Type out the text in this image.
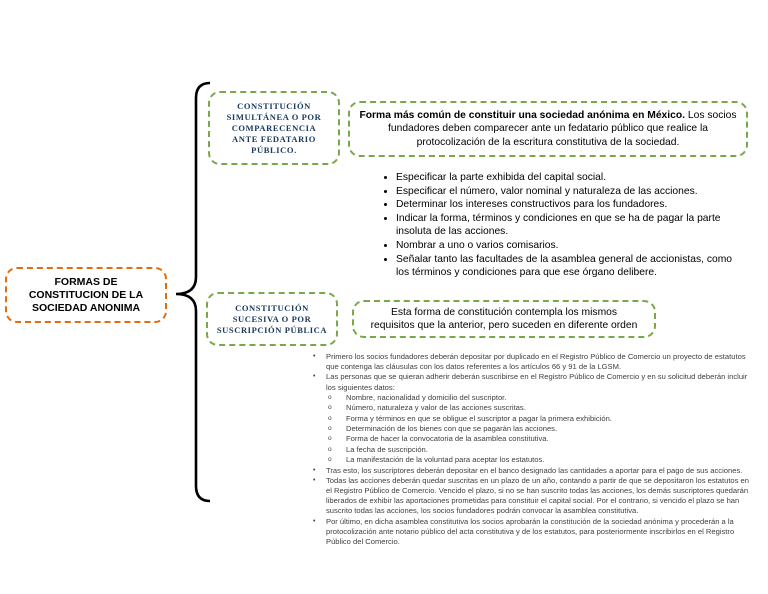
FORMAS DE CONSTITUCION DE LA SOCIEDAD ANONIMA
CONSTITUCIÓN SIMULTÁNEA O POR COMPARECENCIA ANTE FEDATARIO PÚBLICO.
Forma más común de constituir una sociedad anónima en México. Los socios fundadores deben comparecer ante un fedatario público que realice la protocolización de la escritura constitutiva de la sociedad.
• Especificar la parte exhibida del capital social.
• Especificar el número, valor nominal y naturaleza de las acciones.
• Determinar los intereses constructivos para los fundadores.
• Indicar la forma, términos y condiciones en que se ha de pagar la parte insoluta de las acciones.
• Nombrar a uno o varios comisarios.
• Señalar tanto las facultades de la asamblea general de accionistas, como los términos y condiciones para que ese órgano delibere.
CONSTITUCIÓN SUCESIVA O POR SUSCRIPCIÓN PÚBLICA
Esta forma de constitución contempla los mismos requisitos que la anterior, pero suceden en diferente orden
• Primero los socios fundadores deberán depositar por duplicado en el Registro Público de Comercio un proyecto de estatutos que contenga las cláusulas con los datos referentes a los artículos 66 y 91 de la LGSM.
• Las personas que se quieran adherir deberán suscribirse en el Registro Público de Comercio y en su solicitud deberán incluir los siguientes datos:
o Nombre, nacionalidad y domicilio del suscriptor.
o Número, naturaleza y valor de las acciones suscritas.
o Forma y términos en que se obligue el suscriptor a pagar la primera exhibición.
o Determinación de los bienes con que se pagarán las acciones.
o Forma de hacer la convocatoria de la asamblea constitutiva.
o La fecha de suscripción.
o La manifestación de la voluntad para aceptar los estatutos.
• Tras esto, los suscriptores deberán depositar en el banco designado las cantidades a aportar para el pago de sus acciones.
• Todas las acciones deberán quedar suscritas en un plazo de un año, contando a partir de que se depositaron los estatutos en el Registro Público de Comercio. Vencido el plazo, si no se han suscrito todas las acciones, los demás suscriptores quedarán liberados de exhibir las aportaciones prometidas para constituir el capital social. Por el contrario, si vencido el plazo se han suscrito todas las acciones, los socios fundadores podrán convocar la asamblea constitutiva.
• Por último, en dicha asamblea constitutiva los socios aprobarán la constitución de la sociedad anónima y procederán a la protocolización ante notario público del acta constitutiva y de los estatutos, para posteriormente inscribirlos en el Registro Público del Comercio.
